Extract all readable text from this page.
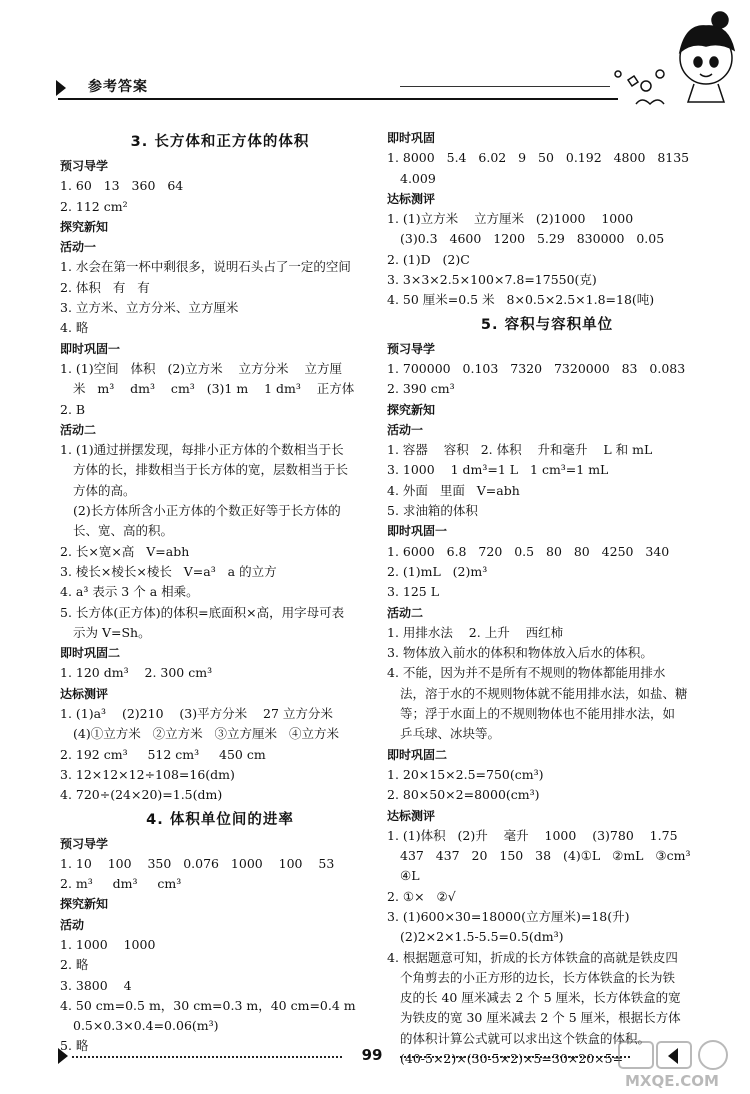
参考答案
3. 长方体和正方体的体积
预习导学
1. 60   13   360   64
2. 112 cm²
探究新知
活动一
1. 水会在第一杯中剩很多，说明石头占了一定的空间
2. 体积   有   有
3. 立方米、立方分米、立方厘米
4. 略
即时巩固一
1. (1)空间   体积   (2)立方米    立方分米    立方厘
米   m³    dm³    cm³   (3)1 m    1 dm³    正方体
2. B
活动二
1. (1)通过拼摆发现，每排小正方体的个数相当于长
方体的长，排数相当于长方体的宽，层数相当于长
方体的高。
(2)长方体所含小正方体的个数正好等于长方体的
长、宽、高的积。
2. 长×宽×高   V=abh
3. 棱长×棱长×棱长   V=a³   a 的立方
4. a³ 表示 3 个 a 相乘。
5. 长方体(正方体)的体积=底面积×高，用字母可表
示为 V=Sh。
即时巩固二
1. 120 dm³    2. 300 cm³
达标测评
1. (1)a³    (2)210    (3)平方分米    27 立方分米
(4)①立方米   ②立方米   ③立方厘米   ④立方米
2. 192 cm³     512 cm³     450 cm
3. 12×12×12÷108=16(dm)
4. 720÷(24×20)=1.5(dm)
4. 体积单位间的进率
预习导学
1. 10    100    350   0.076   1000    100    53
2. m³     dm³     cm³
探究新知
活动
1. 1000    1000
2. 略
3. 3800    4
4. 50 cm=0.5 m，30 cm=0.3 m，40 cm=0.4 m
0.5×0.3×0.4=0.06(m³)
5. 略
即时巩固
1. 8000   5.4   6.02   9   50   0.192   4800   8135
4.009
达标测评
1. (1)立方米    立方厘米   (2)1000    1000
(3)0.3   4600   1200   5.29   830000   0.05
2. (1)D   (2)C
3. 3×3×2.5×100×7.8=17550(克)
4. 50 厘米=0.5 米   8×0.5×2.5×1.8=18(吨)
5. 容积与容积单位
预习导学
1. 700000   0.103   7320   7320000   83   0.083
2. 390 cm³
探究新知
活动一
1. 容器    容积   2. 体积    升和毫升    L 和 mL
3. 1000    1 dm³=1 L   1 cm³=1 mL
4. 外面   里面   V=abh
5. 求油箱的体积
即时巩固一
1. 6000   6.8   720   0.5   80   80   4250   340
2. (1)mL   (2)m³
3. 125 L
活动二
1. 用排水法    2. 上升    西红柿
3. 物体放入前水的体积和物体放入后水的体积。
4. 不能，因为并不是所有不规则的物体都能用排水
法，溶于水的不规则物体就不能用排水法，如盐、糖
等；浮于水面上的不规则物体也不能用排水法，如
乒乓球、冰块等。
即时巩固二
1. 20×15×2.5=750(cm³)
2. 80×50×2=8000(cm³)
达标测评
1. (1)体积   (2)升    毫升    1000    (3)780    1.75
437   437   20   150   38   (4)①L   ②mL   ③cm³
④L
2. ①×   ②√
3. (1)600×30=18000(立方厘米)=18(升)
(2)2×2×1.5-5.5=0.5(dm³)
4. 根据题意可知，折成的长方体铁盒的高就是铁皮四
个角剪去的小正方形的边长，长方体铁盒的长为铁
皮的长 40 厘米减去 2 个 5 厘米，长方体铁盒的宽
为铁皮的宽 30 厘米减去 2 个 5 厘米，根据长方体
的体积计算公式就可以求出这个铁盒的体积。
(40-5×2)×(30-5×2)×5=30×20×5=
99
MXQE.COM
